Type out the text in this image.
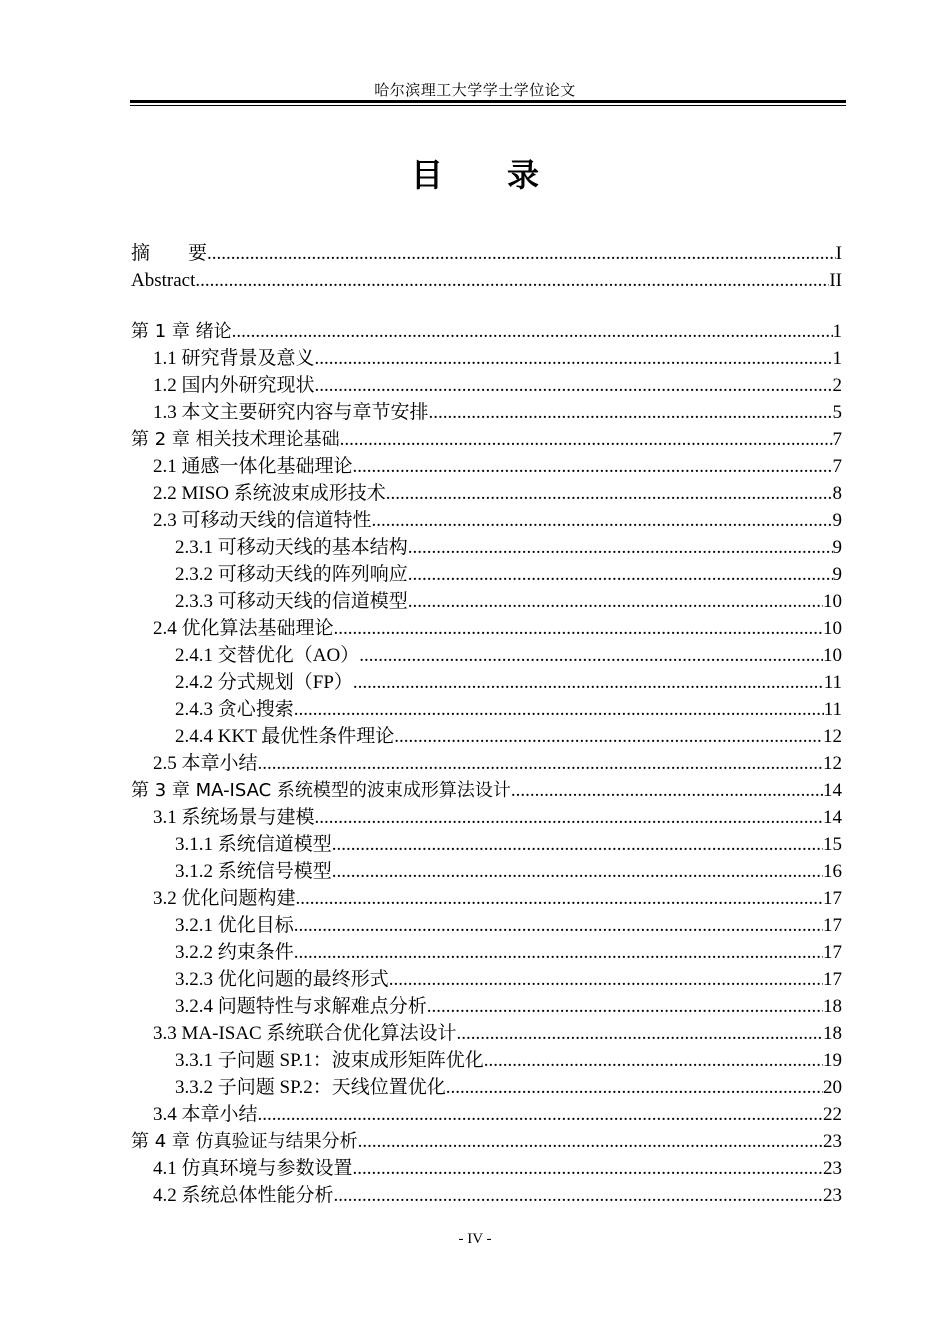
哈尔滨理工大学学士学位论文
目　　录
摘　　要 .....	I
Abstract .....	II
第 1 章 绪论 .....	1
1.1 研究背景及意义 .....	1
1.2 国内外研究现状 .....	2
1.3 本文主要研究内容与章节安排 .....	5
第 2 章 相关技术理论基础 .....	7
2.1 通感一体化基础理论 .....	7
2.2 MISO 系统波束成形技术 .....	8
2.3 可移动天线的信道特性 .....	9
2.3.1 可移动天线的基本结构 .....	9
2.3.2 可移动天线的阵列响应 .....	9
2.3.3 可移动天线的信道模型 .....	10
2.4 优化算法基础理论 .....	10
2.4.1 交替优化（AO） .....	10
2.4.2 分式规划（FP） .....	11
2.4.3 贪心搜索 .....	11
2.4.4 KKT 最优性条件理论 .....	12
2.5 本章小结 .....	12
第 3 章 MA-ISAC 系统模型的波束成形算法设计 .....	14
3.1 系统场景与建模 .....	14
3.1.1 系统信道模型 .....	15
3.1.2 系统信号模型 .....	16
3.2 优化问题构建 .....	17
3.2.1 优化目标 .....	17
3.2.2 约束条件 .....	17
3.2.3 优化问题的最终形式 .....	17
3.2.4 问题特性与求解难点分析 .....	18
3.3 MA-ISAC 系统联合优化算法设计 .....	18
3.3.1 子问题 SP.1：波束成形矩阵优化 .....	19
3.3.2 子问题 SP.2：天线位置优化 .....	20
3.4 本章小结 .....	22
第 4 章 仿真验证与结果分析 .....	23
4.1 仿真环境与参数设置 .....	23
4.2 系统总体性能分析 .....	23
- IV -
